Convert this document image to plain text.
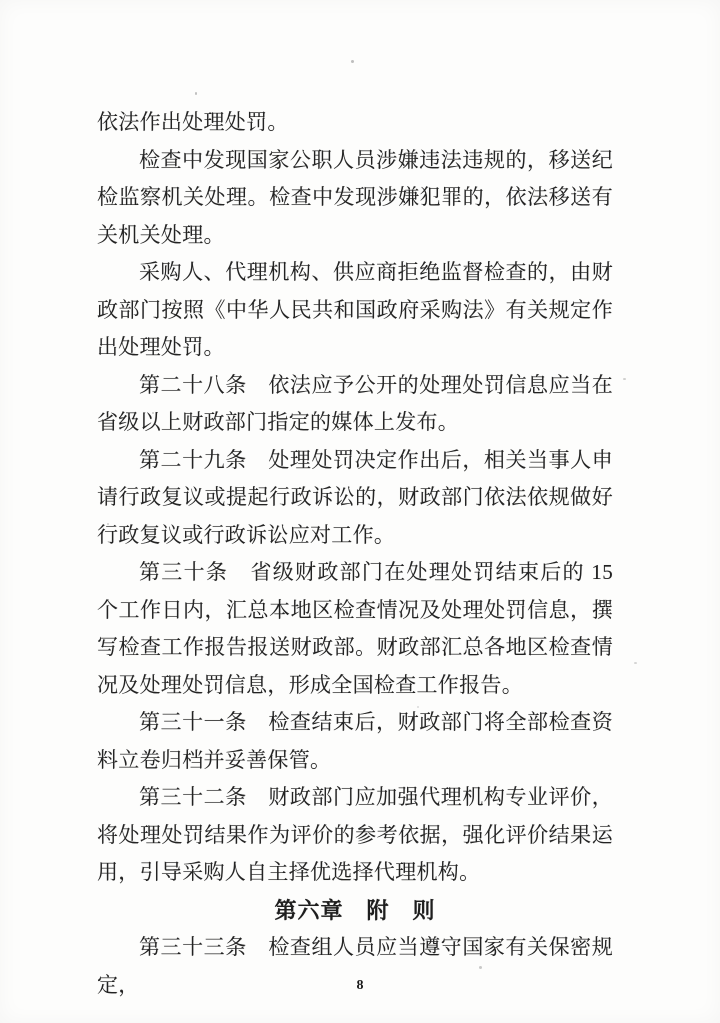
依法作出处理处罚。

检查中发现国家公职人员涉嫌违法违规的，移送纪检监察机关处理。检查中发现涉嫌犯罪的，依法移送有关机关处理。

采购人、代理机构、供应商拒绝监督检查的，由财政部门按照《中华人民共和国政府采购法》有关规定作出处理处罚。

第二十八条　依法应予公开的处理处罚信息应当在省级以上财政部门指定的媒体上发布。

第二十九条　处理处罚决定作出后，相关当事人申请行政复议或提起行政诉讼的，财政部门依法依规做好行政复议或行政诉讼应对工作。

第三十条　省级财政部门在处理处罚结束后的 15 个工作日内，汇总本地区检查情况及处理处罚信息，撰写检查工作报告报送财政部。财政部汇总各地区检查情况及处理处罚信息，形成全国检查工作报告。

第三十一条　检查结束后，财政部门将全部检查资料立卷归档并妥善保管。

第三十二条　财政部门应加强代理机构专业评价，将处理处罚结果作为评价的参考依据，强化评价结果运用，引导采购人自主择优选择代理机构。

第六章　附　则

第三十三条　检查组人员应当遵守国家有关保密规定，	8
